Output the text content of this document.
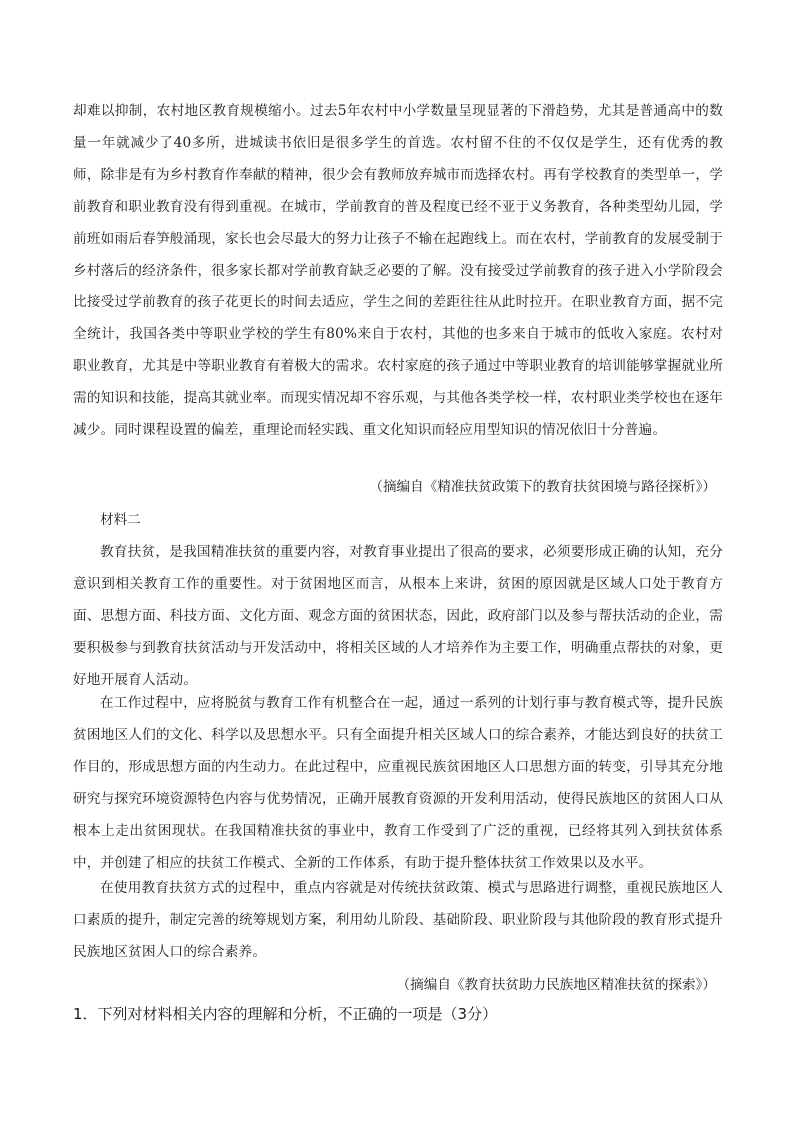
却难以抑制，农村地区教育规模缩小。过去5年农村中小学数量呈现显著的下滑趋势，尤其是普通高中的数量一年就减少了40多所，进城读书依旧是很多学生的首选。农村留不住的不仅仅是学生，还有优秀的教师，除非是有为乡村教育作奉献的精神，很少会有教师放弃城市而选择农村。再有学校教育的类型单一，学前教育和职业教育没有得到重视。在城市，学前教育的普及程度已经不亚于义务教育，各种类型幼儿园，学前班如雨后春笋般涌现，家长也会尽最大的努力让孩子不输在起跑线上。而在农村，学前教育的发展受制于乡村落后的经济条件，很多家长都对学前教育缺乏必要的了解。没有接受过学前教育的孩子进入小学阶段会比接受过学前教育的孩子花更长的时间去适应，学生之间的差距往往从此时拉开。在职业教育方面，据不完全统计，我国各类中等职业学校的学生有80%来自于农村，其他的也多来自于城市的低收入家庭。农村对职业教育，尤其是中等职业教育有着极大的需求。农村家庭的孩子通过中等职业教育的培训能够掌握就业所需的知识和技能，提高其就业率。而现实情况却不容乐观，与其他各类学校一样，农村职业类学校也在逐年减少。同时课程设置的偏差，重理论而轻实践、重文化知识而轻应用型知识的情况依旧十分普遍。

（摘编自《精准扶贫政策下的教育扶贫困境与路径探析》）

材料二

教育扶贫，是我国精准扶贫的重要内容，对教育事业提出了很高的要求，必须要形成正确的认知，充分意识到相关教育工作的重要性。对于贫困地区而言，从根本上来讲，贫困的原因就是区域人口处于教育方面、思想方面、科技方面、文化方面、观念方面的贫困状态，因此，政府部门以及参与帮扶活动的企业，需要积极参与到教育扶贫活动与开发活动中，将相关区域的人才培养作为主要工作，明确重点帮扶的对象，更好地开展育人活动。

在工作过程中，应将脱贫与教育工作有机整合在一起，通过一系列的计划行事与教育模式等，提升民族贫困地区人们的文化、科学以及思想水平。只有全面提升相关区域人口的综合素养，才能达到良好的扶贫工作目的，形成思想方面的内生动力。在此过程中，应重视民族贫困地区人口思想方面的转变，引导其充分地研究与探究环境资源特色内容与优势情况，正确开展教育资源的开发利用活动，使得民族地区的贫困人口从根本上走出贫困现状。在我国精准扶贫的事业中，教育工作受到了广泛的重视，已经将其列入到扶贫体系中，并创建了相应的扶贫工作模式、全新的工作体系，有助于提升整体扶贫工作效果以及水平。

在使用教育扶贫方式的过程中，重点内容就是对传统扶贫政策、模式与思路进行调整，重视民族地区人口素质的提升，制定完善的统筹规划方案，利用幼儿阶段、基础阶段、职业阶段与其他阶段的教育形式提升民族地区贫困人口的综合素养。

（摘编自《教育扶贫助力民族地区精准扶贫的探索》）

1．下列对材料相关内容的理解和分析，不正确的一项是（3分）
